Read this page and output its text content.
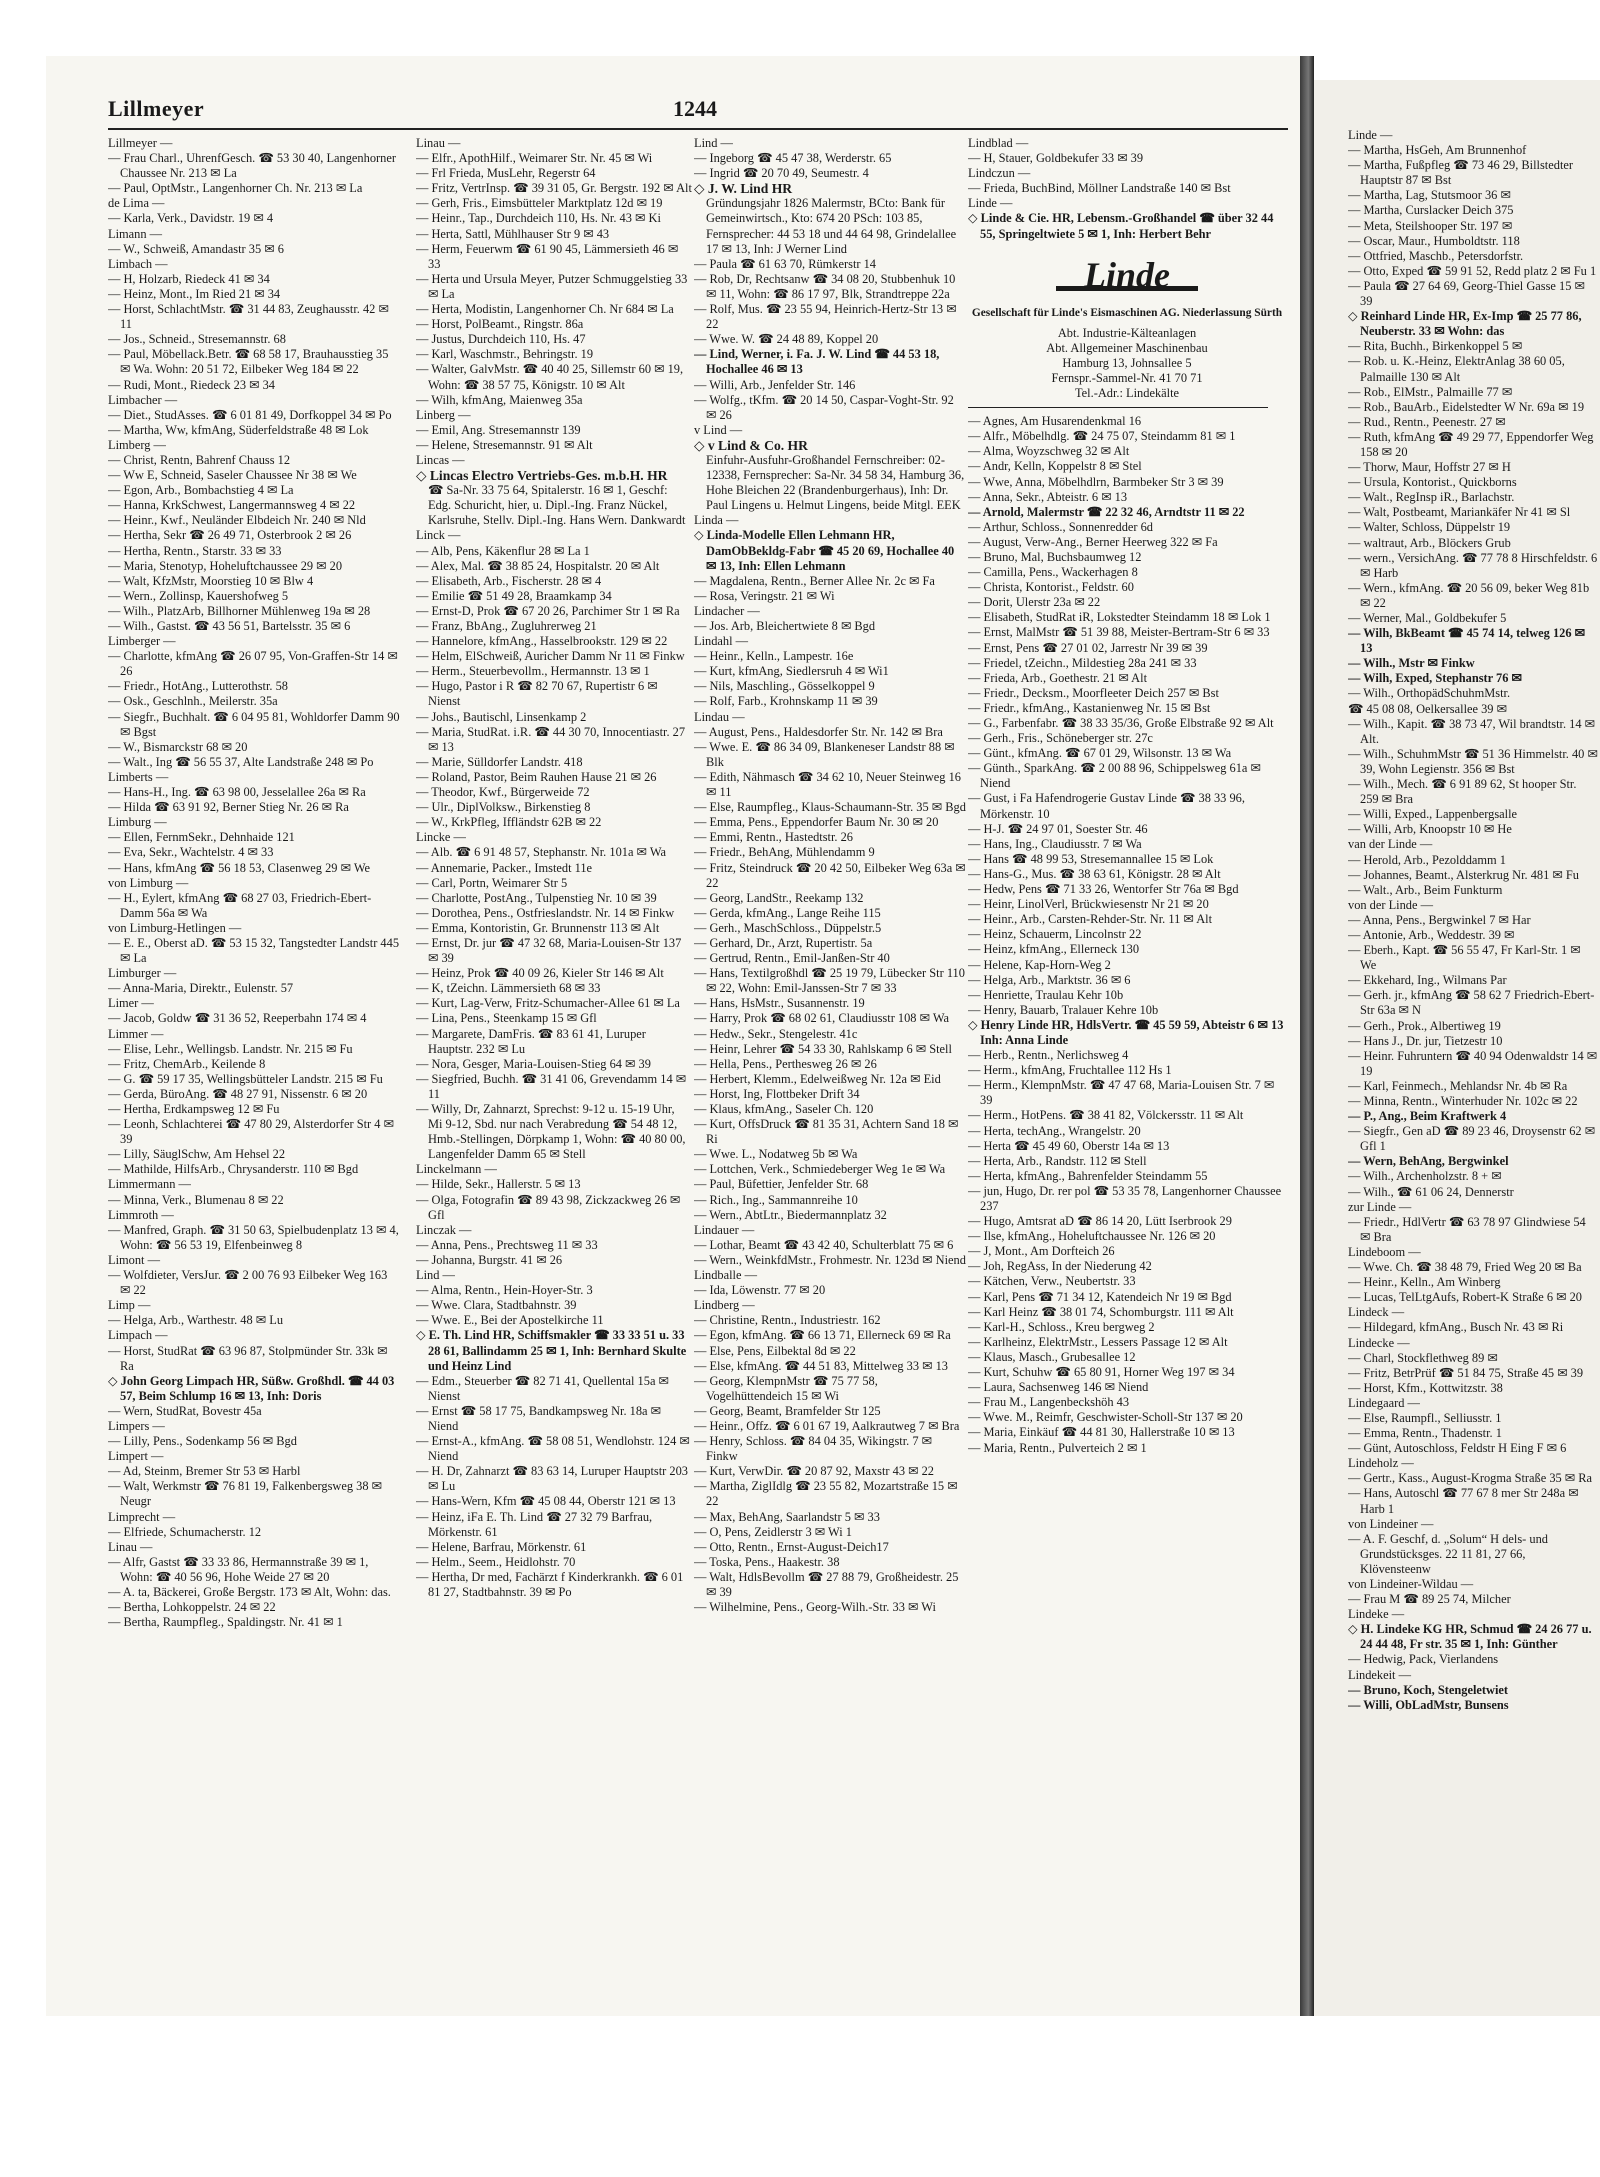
Lillmeyer	1244

Lillmeyer —

— Frau Charl., UhrenfGesch. ☎ 53 30 40, Langenhorner Chaussee Nr. 213 ✉ La

— Paul, OptMstr., Langenhorner Ch. Nr. 213 ✉ La

de Lima —

— Karla, Verk., Davidstr. 19 ✉ 4

Limann —

— W., Schweiß, Amandastr 35 ✉ 6

Limbach —

— H, Holzarb, Riedeck 41 ✉ 34

— Heinz, Mont., Im Ried 21 ✉ 34

— Horst, SchlachtMstr. ☎ 31 44 83, Zeughausstr. 42 ✉ 11

— Jos., Schneid., Stresemannstr. 68

— Paul, Möbellack.Betr. ☎ 68 58 17, Brauhausstieg 35 ✉ Wa. Wohn: 20 51 72, Eilbeker Weg 184 ✉ 22

— Rudi, Mont., Riedeck 23 ✉ 34

Limbacher —

— Diet., StudAsses. ☎ 6 01 81 49, Dorfkoppel 34 ✉ Po

— Martha, Ww, kfmAng, Süderfeldstraße 48 ✉ Lok

Limberg —

— Christ, Rentn, Bahrenf Chauss 12

— Ww E, Schneid, Saseler Chaussee Nr 38 ✉ We

— Egon, Arb., Bombachstieg 4 ✉ La

— Hanna, KrkSchwest, Langermannsweg 4 ✉ 22

— Heinr., Kwf., Neuländer Elbdeich Nr. 240 ✉ Nld

— Hertha, Sekr ☎ 26 49 71, Osterbrook 2 ✉ 26

— Hertha, Rentn., Starstr. 33 ✉ 33

— Maria, Stenotyp, Hoheluftchaussee 29 ✉ 20

— Walt, KfzMstr, Moorstieg 10 ✉ Blw 4

— Wern., Zollinsp, Kauershofweg 5

— Wilh., PlatzArb, Billhorner Mühlenweg 19a ✉ 28

— Wilh., Gastst. ☎ 43 56 51, Bartelsstr. 35 ✉ 6

Limberger —

— Charlotte, kfmAng ☎ 26 07 95, Von-Graffen-Str 14 ✉ 26

— Friedr., HotAng., Lutterothstr. 58

— Osk., Geschlnh., Meilerstr. 35a

— Siegfr., Buchhalt. ☎ 6 04 95 81, Wohldorfer Damm 90 ✉ Bgst

— W., Bismarckstr 68 ✉ 20

— Walt., Ing ☎ 56 55 37, Alte Landstraße 248 ✉ Po

Limberts —

— Hans-H., Ing. ☎ 63 98 00, Jesselallee 26a ✉ Ra

— Hilda ☎ 63 91 92, Berner Stieg Nr. 26 ✉ Ra

Limburg —

— Ellen, FernmSekr., Dehnhaide 121

— Eva, Sekr., Wachtelstr. 4 ✉ 33

— Hans, kfmAng ☎ 56 18 53, Clasenweg 29 ✉ We

von Limburg —

— H., Eylert, kfmAng ☎ 68 27 03, Friedrich-Ebert-Damm 56a ✉ Wa

von Limburg-Hetlingen —

— E. E., Oberst aD. ☎ 53 15 32, Tangstedter Landstr 445 ✉ La

Limburger —

— Anna-Maria, Direktr., Eulenstr. 57

Limer —

— Jacob, Goldw ☎ 31 36 52, Reeperbahn 174 ✉ 4

Limmer —

— Elise, Lehr., Wellingsb. Landstr. Nr. 215 ✉ Fu

— Fritz, ChemArb., Keilende 8

— G. ☎ 59 17 35, Wellingsbütteler Landstr. 215 ✉ Fu

— Gerda, BüroAng. ☎ 48 27 91, Nissenstr. 6 ✉ 20

— Hertha, Erdkampsweg 12 ✉ Fu

— Leonh, Schlachterei ☎ 47 80 29, Alsterdorfer Str 4 ✉ 39

— Lilly, SäuglSchw, Am Hehsel 22

— Mathilde, HilfsArb., Chrysanderstr. 110 ✉ Bgd

Limmermann —

— Minna, Verk., Blumenau 8 ✉ 22

Limmroth —

— Manfred, Graph. ☎ 31 50 63, Spielbudenplatz 13 ✉ 4, Wohn: ☎ 56 53 19, Elfenbeinweg 8

Limont —

— Wolfdieter, VersJur. ☎ 2 00 76 93 Eilbeker Weg 163 ✉ 22

Limp —

— Helga, Arb., Warthestr. 48 ✉ Lu

Limpach —

— Horst, StudRat ☎ 63 96 87, Stolpmünder Str. 33k ✉ Ra

◇ John Georg Limpach HR, Süßw. Großhdl. ☎ 44 03 57, Beim Schlump 16 ✉ 13, Inh: Doris

— Wern, StudRat, Bovestr 45a

Limpers —

— Lilly, Pens., Sodenkamp 56 ✉ Bgd

Limpert —

— Ad, Steinm, Bremer Str 53 ✉ Harbl

— Walt, Werkmstr ☎ 76 81 19, Falkenbergsweg 38 ✉ Neugr

Limprecht —

— Elfriede, Schumacherstr. 12

Linau —

— Alfr, Gastst ☎ 33 33 86, Hermannstraße 39 ✉ 1, Wohn: ☎ 40 56 96, Hohe Weide 27 ✉ 20

— A. ta, Bäckerei, Große Bergstr. 173 ✉ Alt, Wohn: das.

— Bertha, Lohkoppelstr. 24 ✉ 22

— Bertha, Raumpfleg., Spaldingstr. Nr. 41 ✉ 1

Linau —

— Elfr., ApothHilf., Weimarer Str. Nr. 45 ✉ Wi

— Frl Frieda, MusLehr, Regerstr 64

— Fritz, VertrInsp. ☎ 39 31 05, Gr. Bergstr. 192 ✉ Alt

— Gerh, Fris., Eimsbütteler Marktplatz 12d ✉ 19

— Heinr., Tap., Durchdeich 110, Hs. Nr. 43 ✉ Ki

— Herta, Sattl, Mühlhauser Str 9 ✉ 43

— Herm, Feuerwm ☎ 61 90 45, Lämmersieth 46 ✉ 33

— Herta und Ursula Meyer, Putzer Schmuggelstieg 33 ✉ La

— Herta, Modistin, Langenhorner Ch. Nr 684 ✉ La

— Horst, PolBeamt., Ringstr. 86a

— Justus, Durchdeich 110, Hs. 47

— Karl, Waschmstr., Behringstr. 19

— Walter, GalvMstr. ☎ 40 40 25, Sillemstr 60 ✉ 19, Wohn: ☎ 38 57 75, Königstr. 10 ✉ Alt

— Wilh, kfmAng, Maienweg 35a

Linberg —

— Emil, Ang. Stresemannstr 139

— Helene, Stresemannstr. 91 ✉ Alt

Lincas —

◇ Lincas Electro Vertriebs-Ges. m.b.H. HR

☎ Sa-Nr. 33 75 64, Spitalerstr. 16 ✉ 1, Geschf: Edg. Schuricht, hier, u. Dipl.-Ing. Franz Nückel, Karlsruhe, Stellv. Dipl.-Ing. Hans Wern. Dankwardt

Linck —

— Alb, Pens, Käkenflur 28 ✉ La 1

— Alex, Mal. ☎ 38 85 24, Hospitalstr. 20 ✉ Alt

— Elisabeth, Arb., Fischerstr. 28 ✉ 4

— Emilie ☎ 51 49 28, Braamkamp 34

— Ernst-D, Prok ☎ 67 20 26, Parchimer Str 1 ✉ Ra

— Franz, BbAng., Zugluhrerweg 21

— Hannelore, kfmAng., Hasselbrookstr. 129 ✉ 22

— Helm, ElSchweiß, Auricher Damm Nr 11 ✉ Finkw

— Herm., Steuerbevollm., Hermannstr. 13 ✉ 1

— Hugo, Pastor i R ☎ 82 70 67, Rupertistr 6 ✉ Nienst

— Johs., Bautischl, Linsenkamp 2

— Maria, StudRat. i.R. ☎ 44 30 70, Innocentiastr. 27 ✉ 13

— Marie, Sülldorfer Landstr. 418

— Roland, Pastor, Beim Rauhen Hause 21 ✉ 26

— Theodor, Kwf., Bürgerweide 72

— Ulr., DiplVolksw., Birkenstieg 8

— W., KrkPfleg, Iffländstr 62B ✉ 22

Lincke —

— Alb. ☎ 6 91 48 57, Stephanstr. Nr. 101a ✉ Wa

— Annemarie, Packer., Imstedt 11e

— Carl, Portn, Weimarer Str 5

— Charlotte, PostAng., Tulpenstieg Nr. 10 ✉ 39

— Dorothea, Pens., Ostfrieslandstr. Nr. 14 ✉ Finkw

— Emma, Kontoristin, Gr. Brunnenstr 113 ✉ Alt

— Ernst, Dr. jur ☎ 47 32 68, Maria-Louisen-Str 137 ✉ 39

— Heinz, Prok ☎ 40 09 26, Kieler Str 146 ✉ Alt

— K, tZeichn. Lämmersieth 68 ✉ 33

— Kurt, Lag-Verw, Fritz-Schumacher-Allee 61 ✉ La

— Lina, Pens., Steenkamp 15 ✉ Gfl

— Margarete, DamFris. ☎ 83 61 41, Luruper Hauptstr. 232 ✉ Lu

— Nora, Gesger, Maria-Louisen-Stieg 64 ✉ 39

— Siegfried, Buchh. ☎ 31 41 06, Grevendamm 14 ✉ 11

— Willy, Dr, Zahnarzt, Sprechst: 9-12 u. 15-19 Uhr, Mi 9-12, Sbd. nur nach Verabredung ☎ 54 48 12, Hmb.-Stellingen, Dörpkamp 1, Wohn: ☎ 40 80 00, Langenfelder Damm 65 ✉ Stell

Linckelmann —

— Hilde, Sekr., Hallerstr. 5 ✉ 13

— Olga, Fotografin ☎ 89 43 98, Zickzackweg 26 ✉ Gfl

Linczak —

— Anna, Pens., Prechtsweg 11 ✉ 33

— Johanna, Burgstr. 41 ✉ 26

Lind —

— Alma, Rentn., Hein-Hoyer-Str. 3

— Wwe. Clara, Stadtbahnstr. 39

— Wwe. E., Bei der Apostelkirche 11

◇ E. Th. Lind HR, Schiffsmakler ☎ 33 33 51 u. 33 28 61, Ballindamm 25 ✉ 1, Inh: Bernhard Skulte und Heinz Lind

— Edm., Steuerber ☎ 82 71 41, Quellental 15a ✉ Nienst

— Ernst ☎ 58 17 75, Bandkampsweg Nr. 18a ✉ Niend

— Ernst-A., kfmAng. ☎ 58 08 51, Wendlohstr. 124 ✉ Niend

— H. Dr, Zahnarzt ☎ 83 63 14, Luruper Hauptstr 203 ✉ Lu

— Hans-Wern, Kfm ☎ 45 08 44, Oberstr 121 ✉ 13

— Heinz, iFa E. Th. Lind ☎ 27 32 79 Barfrau, Mörkenstr. 61

— Helene, Barfrau, Mörkenstr. 61

— Helm., Seem., Heidlohstr. 70

— Hertha, Dr med, Fachärzt f Kinderkrankh. ☎ 6 01 81 27, Stadtbahnstr. 39 ✉ Po

Lind —

— Ingeborg ☎ 45 47 38, Werderstr. 65

— Ingrid ☎ 20 70 49, Seumestr. 4

◇ J. W. Lind HR

Gründungsjahr 1826 Malermstr, BCto: Bank für Gemeinwirtsch., Kto: 674 20 PSch: 103 85, Fernsprecher: 44 53 18 und 44 64 98, Grindelallee 17 ✉ 13, Inh: J Werner Lind

— Paula ☎ 61 63 70, Rümkerstr 14

— Rob, Dr, Rechtsanw ☎ 34 08 20, Stubbenhuk 10 ✉ 11, Wohn: ☎ 86 17 97, Blk, Strandtreppe 22a

— Rolf, Mus. ☎ 23 55 94, Heinrich-Hertz-Str 13 ✉ 22

— Wwe. W. ☎ 24 48 89, Koppel 20

— Lind, Werner, i. Fa. J. W. Lind ☎ 44 53 18, Hochallee 46 ✉ 13

— Willi, Arb., Jenfelder Str. 146

— Wolfg., tKfm. ☎ 20 14 50, Caspar-Voght-Str. 92 ✉ 26

v Lind —

◇ v Lind & Co. HR

Einfuhr-Ausfuhr-Großhandel Fernschreiber: 02-12338, Fernsprecher: Sa-Nr. 34 58 34, Hamburg 36, Hohe Bleichen 22 (Brandenburgerhaus), Inh: Dr. Paul Lingens u. Helmut Lingens, beide Mitgl. EEK

Linda —

◇ Linda-Modelle Ellen Lehmann HR, DamObBekldg-Fabr ☎ 45 20 69, Hochallee 40 ✉ 13, Inh: Ellen Lehmann

— Magdalena, Rentn., Berner Allee Nr. 2c ✉ Fa

— Rosa, Veringstr. 21 ✉ Wi

Lindacher —

— Jos. Arb, Bleichertwiete 8 ✉ Bgd

Lindahl —

— Heinr., Kelln., Lampestr. 16e

— Kurt, kfmAng, Siedlersruh 4 ✉ Wi1

— Nils, Maschling., Gösselkoppel 9

— Rolf, Farb., Krohnskamp 11 ✉ 39

Lindau —

— August, Pens., Haldesdorfer Str. Nr. 142 ✉ Bra

— Wwe. E. ☎ 86 34 09, Blankeneser Landstr 88 ✉ Blk

— Edith, Nähmasch ☎ 34 62 10, Neuer Steinweg 16 ✉ 11

— Else, Raumpfleg., Klaus-Schaumann-Str. 35 ✉ Bgd

— Emma, Pens., Eppendorfer Baum Nr. 30 ✉ 20

— Emmi, Rentn., Hastedtstr. 26

— Friedr., BehAng, Mühlendamm 9

— Fritz, Steindruck ☎ 20 42 50, Eilbeker Weg 63a ✉ 22

— Georg, LandStr., Reekamp 132

— Gerda, kfmAng., Lange Reihe 115

— Gerh., MaschSchloss., Düppelstr.5

— Gerhard, Dr., Arzt, Rupertistr. 5a

— Gertrud, Rentn., Emil-Janßen-Str 40

— Hans, Textilgroßhdl ☎ 25 19 79, Lübecker Str 110 ✉ 22, Wohn: Emil-Janssen-Str 7 ✉ 33

— Hans, HsMstr., Susannenstr. 19

— Harry, Prok ☎ 68 02 61, Claudiusstr 108 ✉ Wa

— Hedw., Sekr., Stengelestr. 41c

— Heinr, Lehrer ☎ 54 33 30, Rahlskamp 6 ✉ Stell

— Hella, Pens., Perthesweg 26 ✉ 26

— Herbert, Klemm., Edelweißweg Nr. 12a ✉ Eid

— Horst, Ing, Flottbeker Drift 34

— Klaus, kfmAng., Saseler Ch. 120

— Kurt, OffsDruck ☎ 81 35 31, Achtern Sand 18 ✉ Ri

— Wwe. L., Nodatweg 5b ✉ Wa

— Lottchen, Verk., Schmiedeberger Weg 1e ✉ Wa

— Paul, Büfettier, Jenfelder Str. 68

— Rich., Ing., Sammannreihe 10

— Wern., AbtLtr., Biedermannplatz 32

Lindauer —

— Lothar, Beamt ☎ 43 42 40, Schulterblatt 75 ✉ 6

— Wern., WeinkfdMstr., Frohmestr. Nr. 123d ✉ Niend

Lindballe —

— Ida, Löwenstr. 77 ✉ 20

Lindberg —

— Christine, Rentn., Industriestr. 162

— Egon, kfmAng. ☎ 66 13 71, Ellerneck 69 ✉ Ra

— Else, Pens, Eilbektal 8d ✉ 22

— Else, kfmAng. ☎ 44 51 83, Mittelweg 33 ✉ 13

— Georg, KlempnMstr ☎ 75 77 58, Vogelhüttendeich 15 ✉ Wi

— Georg, Beamt, Bramfelder Str 125

— Heinr., Offz. ☎ 6 01 67 19, Aalkrautweg 7 ✉ Bra

— Henry, Schloss. ☎ 84 04 35, Wikingstr. 7 ✉ Finkw

— Kurt, VerwDir. ☎ 20 87 92, Maxstr 43 ✉ 22

— Martha, ZiglIdlg ☎ 23 55 82, Mozartstraße 15 ✉ 22

— Max, BehAng, Saarlandstr 5 ✉ 33

— O, Pens, Zeidlerstr 3 ✉ Wi 1

— Otto, Rentn., Ernst-August-Deich17

— Toska, Pens., Haakestr. 38

— Walt, HdlsBevollm ☎ 27 88 79, Großheidestr. 25 ✉ 39

— Wilhelmine, Pens., Georg-Wilh.-Str. 33 ✉ Wi

Lindblad —

— H, Stauer, Goldbekufer 33 ✉ 39

Lindczun —

— Frieda, BuchBind, Möllner Landstraße 140 ✉ Bst

Linde —

◇ Linde & Cie. HR, Lebensm.-Großhandel ☎ über 32 44 55, Springeltwiete 5 ✉ 1, Inh: Herbert Behr

Linde
Gesellschaft für Linde's Eismaschinen AG. Niederlassung Sürth

Abt. Industrie-Kälteanlagen

Abt. Allgemeiner Maschinenbau

Hamburg 13, Johnsallee 5

Fernspr.-Sammel-Nr. 41 70 71

Tel.-Adr.: Lindekälte

— Agnes, Am Husarendenkmal 16

— Alfr., Möbelhdlg. ☎ 24 75 07, Steindamm 81 ✉ 1

— Alma, Woyzschweg 32 ✉ Alt

— Andr, Kelln, Koppelstr 8 ✉ Stel

— Wwe, Anna, Möbelhdlrn, Barmbeker Str 3 ✉ 39

— Anna, Sekr., Abteistr. 6 ✉ 13

— Arnold, Malermstr ☎ 22 32 46, Arndtstr 11 ✉ 22

— Arthur, Schloss., Sonnenredder 6d

— August, Verw-Ang., Berner Heerweg 322 ✉ Fa

— Bruno, Mal, Buchsbaumweg 12

— Camilla, Pens., Wackerhagen 8

— Christa, Kontorist., Feldstr. 60

— Dorit, Ulerstr 23a ✉ 22

— Elisabeth, StudRat iR, Lokstedter Steindamm 18 ✉ Lok 1

— Ernst, MalMstr ☎ 51 39 88, Meister-Bertram-Str 6 ✉ 33

— Ernst, Pens ☎ 27 01 02, Jarrestr Nr 39 ✉ 39

— Friedel, tZeichn., Mildestieg 28a 241 ✉ 33

— Frieda, Arb., Goethestr. 21 ✉ Alt

— Friedr., Decksm., Moorfleeter Deich 257 ✉ Bst

— Friedr., kfmAng., Kastanienweg Nr. 15 ✉ Bst

— G., Farbenfabr. ☎ 38 33 35/36, Große Elbstraße 92 ✉ Alt

— Gerh., Fris., Schöneberger str. 27c

— Günt., kfmAng. ☎ 67 01 29, Wilsonstr. 13 ✉ Wa

— Günth., SparkAng. ☎ 2 00 88 96, Schippelsweg 61a ✉ Niend

— Gust, i Fa Hafendrogerie Gustav Linde ☎ 38 33 96, Mörkenstr. 10

— H-J. ☎ 24 97 01, Soester Str. 46

— Hans, Ing., Claudiusstr. 7 ✉ Wa

— Hans ☎ 48 99 53, Stresemannallee 15 ✉ Lok

— Hans-G., Mus. ☎ 38 63 61, Königstr. 28 ✉ Alt

— Hedw, Pens ☎ 71 33 26, Wentorfer Str 76a ✉ Bgd

— Heinr, LinolVerl, Brückwiesenstr Nr 21 ✉ 20

— Heinr., Arb., Carsten-Rehder-Str. Nr. 11 ✉ Alt

— Heinz, Schauerm, Lincolnstr 22

— Heinz, kfmAng., Ellerneck 130

— Helene, Kap-Horn-Weg 2

— Helga, Arb., Marktstr. 36 ✉ 6

— Henriette, Traulau Kehr 10b

— Henry, Bauarb, Tralauer Kehre 10b

◇ Henry Linde HR, HdlsVertr. ☎ 45 59 59, Abteistr 6 ✉ 13 Inh: Anna Linde

— Herb., Rentn., Nerlichsweg 4

— Herm., kfmAng, Fruchtallee 112 Hs 1

— Herm., KlempnMstr. ☎ 47 47 68, Maria-Louisen Str. 7 ✉ 39

— Herm., HotPens. ☎ 38 41 82, Völckersstr. 11 ✉ Alt

— Herta, techAng., Wrangelstr. 20

— Herta ☎ 45 49 60, Oberstr 14a ✉ 13

— Herta, Arb., Randstr. 112 ✉ Stell

— Herta, kfmAng., Bahrenfelder Steindamm 55

— jun, Hugo, Dr. rer pol ☎ 53 35 78, Langenhorner Chaussee 237

— Hugo, Amtsrat aD ☎ 86 14 20, Lütt Iserbrook 29

— Ilse, kfmAng., Hoheluftchaussee Nr. 126 ✉ 20

— J, Mont., Am Dorfteich 26

— Joh, RegAss, In der Niederung 42

— Kätchen, Verw., Neubertstr. 33

— Karl, Pens ☎ 71 34 12, Katendeich Nr 19 ✉ Bgd

— Karl Heinz ☎ 38 01 74, Schomburgstr. 111 ✉ Alt

— Karl-H., Schloss., Kreu bergweg 2

— Karlheinz, ElektrMstr., Lessers Passage 12 ✉ Alt

— Klaus, Masch., Grubesallee 12

— Kurt, Schuhw ☎ 65 80 91, Horner Weg 197 ✉ 34

— Laura, Sachsenweg 146 ✉ Niend

— Frau M., Langenbeckshöh 43

— Wwe. M., Reimfr, Geschwister-Scholl-Str 137 ✉ 20

— Maria, Einkäuf ☎ 44 81 30, Hallerstraße 10 ✉ 13

— Maria, Rentn., Pulverteich 2 ✉ 1

Linde —

— Martha, HsGeh, Am Brunnenhof

— Martha, Fußpfleg ☎ 73 46 29, Billstedter Hauptstr 87 ✉ Bst

— Martha, Lag, Stutsmoor 36 ✉

— Martha, Curslacker Deich 375

— Meta, Steilshooper Str. 197 ✉

— Oscar, Maur., Humboldtstr. 118

— Ottfried, Maschb., Petersdorfstr.

— Otto, Exped ☎ 59 91 52, Redd platz 2 ✉ Fu 1

— Paula ☎ 27 64 69, Georg-Thiel Gasse 15 ✉ 39

◇ Reinhard Linde HR, Ex-Imp ☎ 25 77 86, Neuberstr. 33 ✉ Wohn: das

— Rita, Buchh., Birkenkoppel 5 ✉

— Rob. u. K.-Heinz, ElektrAnlag 38 60 05, Palmaille 130 ✉ Alt

— Rob., ElMstr., Palmaille 77 ✉

— Rob., BauArb., Eidelstedter W Nr. 69a ✉ 19

— Rud., Rentn., Peenestr. 27 ✉

— Ruth, kfmAng ☎ 49 29 77, Eppendorfer Weg 158 ✉ 20

— Thorw, Maur, Hoffstr 27 ✉ H

— Ursula, Kontorist., Quickborns

— Walt., RegInsp iR., Barlachstr.

— Walt, Postbeamt, Mariankäfer Nr 41 ✉ Sl

— Walter, Schloss, Düppelstr 19

— waltraut, Arb., Blöckers Grub

— wern., VersichAng. ☎ 77 78 8 Hirschfeldstr. 6 ✉ Harb

— Wern., kfmAng. ☎ 20 56 09, beker Weg 81b ✉ 22

— Werner, Mal., Goldbekufer 5

— Wilh, BkBeamt ☎ 45 74 14, telweg 126 ✉ 13

— Wilh., Mstr ✉ Finkw

— Wilh, Exped, Stephanstr 76 ✉

— Wilh., OrthopädSchuhmMstr.

☎ 45 08 08, Oelkersallee 39 ✉

— Wilh., Kapit. ☎ 38 73 47, Wil brandtstr. 14 ✉ Alt.

— Wilh., SchuhmMstr ☎ 51 36 Himmelstr. 40 ✉ 39, Wohn Legienstr. 356 ✉ Bst

— Wilh., Mech. ☎ 6 91 89 62, St hooper Str. 259 ✉ Bra

— Willi, Exped., Lappenbergsalle

— Willi, Arb, Knoopstr 10 ✉ He

van der Linde —

— Herold, Arb., Pezolddamm 1

— Johannes, Beamt., Alsterkrug Nr. 481 ✉ Fu

— Walt., Arb., Beim Funkturm

von der Linde —

— Anna, Pens., Bergwinkel 7 ✉ Har

— Antonie, Arb., Weddestr. 39 ✉

— Eberh., Kapt. ☎ 56 55 47, Fr Karl-Str. 1 ✉ We

— Ekkehard, Ing., Wilmans Par

— Gerh. jr., kfmAng ☎ 58 62 7 Friedrich-Ebert-Str 63a ✉ N

— Gerh., Prok., Albertiweg 19

— Hans J., Dr. jur, Tietzestr 10

— Heinr. Fuhruntern ☎ 40 94 Odenwaldstr 14 ✉ 19

— Karl, Feinmech., Mehlandsr Nr. 4b ✉ Ra

— Minna, Rentn., Winterhuder Nr. 102c ✉ 22

— P., Ang., Beim Kraftwerk 4

— Siegfr., Gen aD ☎ 89 23 46, Droysenstr 62 ✉ Gfl 1

— Wern, BehAng, Bergwinkel

— Wilh., Archenholzstr. 8 + ✉

— Wilh., ☎ 61 06 24, Dennerstr

zur Linde —

— Friedr., HdlVertr ☎ 63 78 97 Glindwiese 54 ✉ Bra

Lindeboom —

— Wwe. Ch. ☎ 38 48 79, Fried Weg 20 ✉ Ba

— Heinr., Kelln., Am Winberg

— Lucas, TelLtgAufs, Robert-K Straße 6 ✉ 20

Lindeck —

— Hildegard, kfmAng., Busch Nr. 43 ✉ Ri

Lindecke —

— Charl, Stockflethweg 89 ✉

— Fritz, BetrPrüf ☎ 51 84 75, Straße 45 ✉ 39

— Horst, Kfm., Kottwitzstr. 38

Lindegaard —

— Else, Raumpfl., Selliusstr. 1

— Emma, Rentn., Thadenstr. 1

— Günt, Autoschloss, Feldstr H Eing F ✉ 6

Lindeholz —

— Gertr., Kass., August-Krogma Straße 35 ✉ Ra

— Hans, Autoschl ☎ 77 67 8 mer Str 248a ✉ Harb 1

von Lindeiner —

— A. F. Geschf, d. „Solum“ H dels- und Grundstücksges. 22 11 81, 27 66, Klövensteenw

von Lindeiner-Wildau —

— Frau M ☎ 89 25 74, Milcher

Lindeke —

◇ H. Lindeke KG HR, Schmud ☎ 24 26 77 u. 24 44 48, Fr str. 35 ✉ 1, Inh: Günther

— Hedwig, Pack, Vierlandens

Lindekeit —

— Bruno, Koch, Stengeletwiet

— Willi, ObLadMstr, Bunsens
